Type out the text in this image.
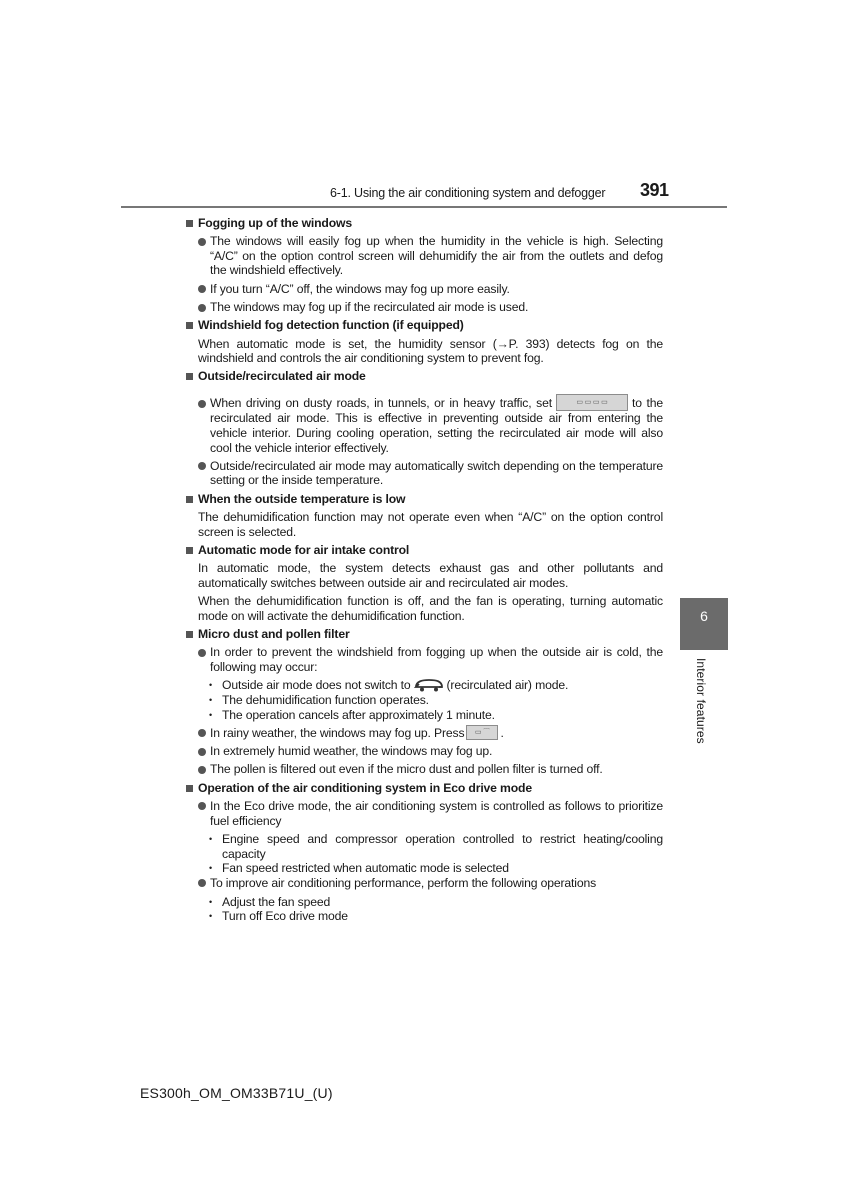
6-1. Using the air conditioning system and defogger 391
6
Interior features
Fogging up of the windows
The windows will easily fog up when the humidity in the vehicle is high. Selecting “A/C” on the option control screen will dehumidify the air from the outlets and defog the windshield effectively.
If you turn “A/C” off, the windows may fog up more easily.
The windows may fog up if the recirculated air mode is used.
Windshield fog detection function (if equipped)
When automatic mode is set, the humidity sensor (→P. 393) detects fog on the windshield and controls the air conditioning system to prevent fog.
Outside/recirculated air mode
When driving on dusty roads, in tunnels, or in heavy traffic, set	▭ ▭ ▭ ▭ to the recirculated air mode. This is effective in preventing outside air from entering the vehicle interior. During cooling operation, setting the recirculated air mode will also cool the vehicle interior effectively.
Outside/recirculated air mode may automatically switch depending on the temperature setting or the inside temperature.
When the outside temperature is low
The dehumidification function may not operate even when “A/C” on the option control screen is selected.
Automatic mode for air intake control
In automatic mode, the system detects exhaust gas and other pollutants and automatically switches between outside air and recirculated air modes.
When the dehumidification function is off, and the fan is operating, turning automatic mode on will activate the dehumidification function.
Micro dust and pollen filter
In order to prevent the windshield from fogging up when the outside air is cold, the following may occur:
• Outside air mode does not switch to	(recirculated air) mode.
• The dehumidification function operates.
• The operation cancels after approximately 1 minute.
In rainy weather, the windows may fog up. Press ▭ ⌒ .
In extremely humid weather, the windows may fog up.
The pollen is filtered out even if the micro dust and pollen filter is turned off.
Operation of the air conditioning system in Eco drive mode
In the Eco drive mode, the air conditioning system is controlled as follows to prioritize fuel efficiency
• Engine speed and compressor operation controlled to restrict heating/cooling capacity
• Fan speed restricted when automatic mode is selected
To improve air conditioning performance, perform the following operations
• Adjust the fan speed
• Turn off Eco drive mode
ES300h_OM_OM33B71U_(U)
